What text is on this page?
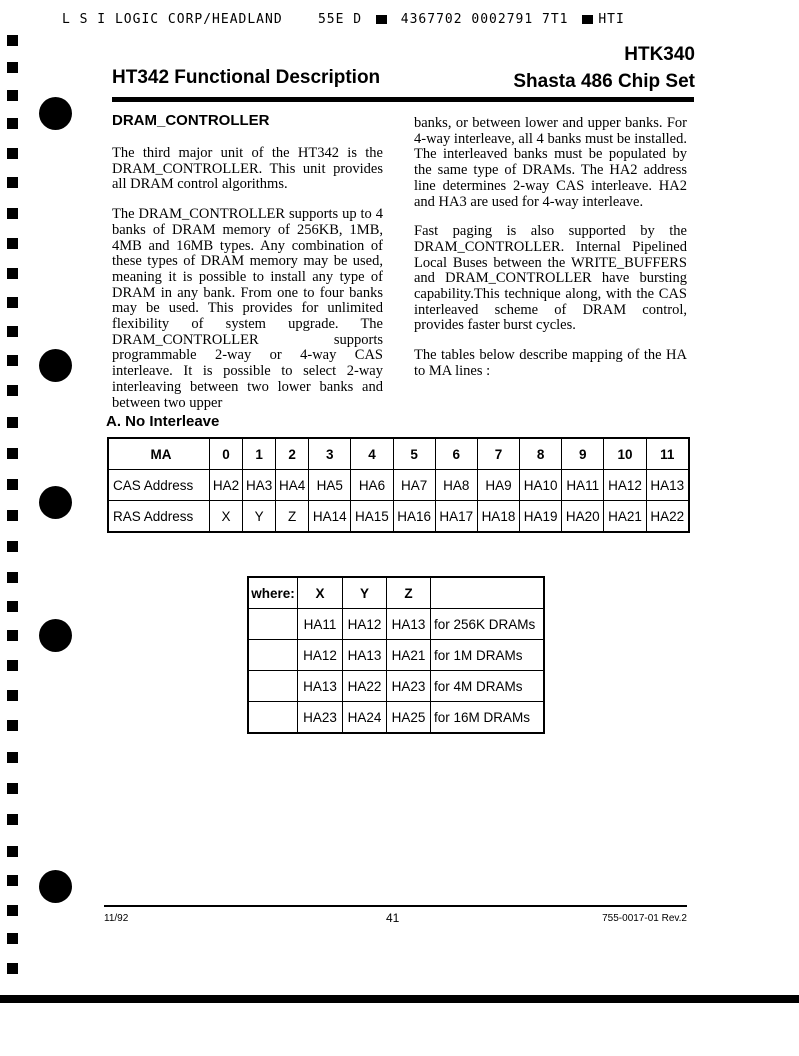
L S I LOGIC CORP/HEADLAND	55E D	4367702 0002791 7T1 HTI
HTK340
HT342 Functional Description	Shasta 486 Chip Set
DRAM_CONTROLLER

The third major unit of the HT342 is the DRAM_CONTROLLER. This unit provides all DRAM control algorithms.

The DRAM_CONTROLLER supports up to 4 banks of DRAM memory of 256KB, 1MB, 4MB and 16MB types. Any combination of these types of DRAM memory may be used, meaning it is possible to install any type of DRAM in any bank. From one to four banks may be used. This provides for unlimited flexibility of system upgrade. The DRAM_CONTROLLER supports programmable 2-way or 4-way CAS interleave. It is possible to select 2-way interleaving between two lower banks and between two upper

banks, or between lower and upper banks. For 4-way interleave, all 4 banks must be installed. The interleaved banks must be populated by the same type of DRAMs. The HA2 address line determines 2-way CAS interleave. HA2 and HA3 are used for 4-way interleave.

Fast paging is also supported by the DRAM_CONTROLLER. Internal Pipelined Local Buses between the WRITE_BUFFERS and DRAM_CONTROLLER have bursting capability.This technique along, with the CAS interleaved scheme of DRAM control, provides faster burst cycles.

The tables below describe mapping of the HA to MA lines :

A. No Interleave
MA	0	1	2	3	4	5	6	7	8	9	10	11
CAS Address	HA2	HA3	HA4	HA5	HA6	HA7	HA8	HA9	HA10	HA11	HA12	HA13
RAS Address	X	Y	Z	HA14	HA15	HA16	HA17	HA18	HA19	HA20	HA21	HA22
where:	X	Y	Z	
	HA11	HA12	HA13	for 256K DRAMs
	HA12	HA13	HA21	for 1M DRAMs
	HA13	HA22	HA23	for 4M DRAMs
	HA23	HA24	HA25	for 16M DRAMs
11/92	41	755-0017-01 Rev.2
